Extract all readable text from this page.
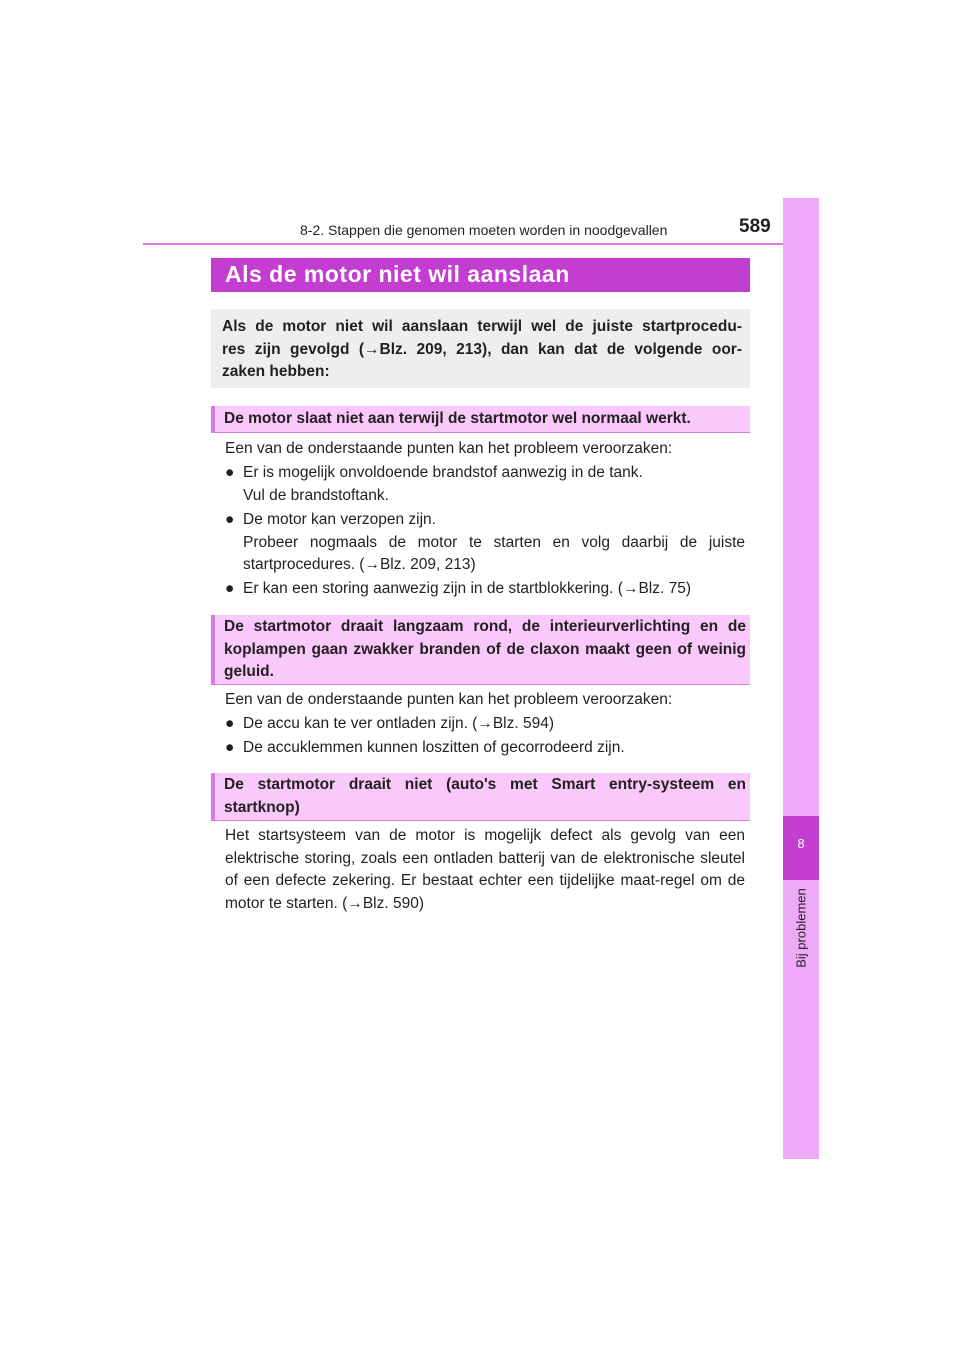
8-2. Stappen die genomen moeten worden in noodgevallen	589
8
Bij problemen
Als de motor niet wil aanslaan
Als de motor niet wil aanslaan terwijl wel de juiste startprocedu-
res zijn gevolgd (→Blz. 209, 213), dan kan dat de volgende oor-
zaken hebben:
De motor slaat niet aan terwijl de startmotor wel normaal werkt.
Een van de onderstaande punten kan het probleem veroorzaken:
● Er is mogelijk onvoldoende brandstof aanwezig in de tank.
Vul de brandstoftank.
● De motor kan verzopen zijn.
Probeer nogmaals de motor te starten en volg daarbij de juiste startprocedures. (→Blz. 209, 213)
● Er kan een storing aanwezig zijn in de startblokkering. (→Blz. 75)
De startmotor draait langzaam rond, de interieurverlichting en de koplampen gaan zwakker branden of de claxon maakt geen of weinig geluid.
Een van de onderstaande punten kan het probleem veroorzaken:
● De accu kan te ver ontladen zijn. (→Blz. 594)
● De accuklemmen kunnen loszitten of gecorrodeerd zijn.
De startmotor draait niet (auto's met Smart entry-systeem en startknop)
Het startsysteem van de motor is mogelijk defect als gevolg van een elektrische storing, zoals een ontladen batterij van de elektronische sleutel of een defecte zekering. Er bestaat echter een tijdelijke maat-regel om de motor te starten. (→Blz. 590)
